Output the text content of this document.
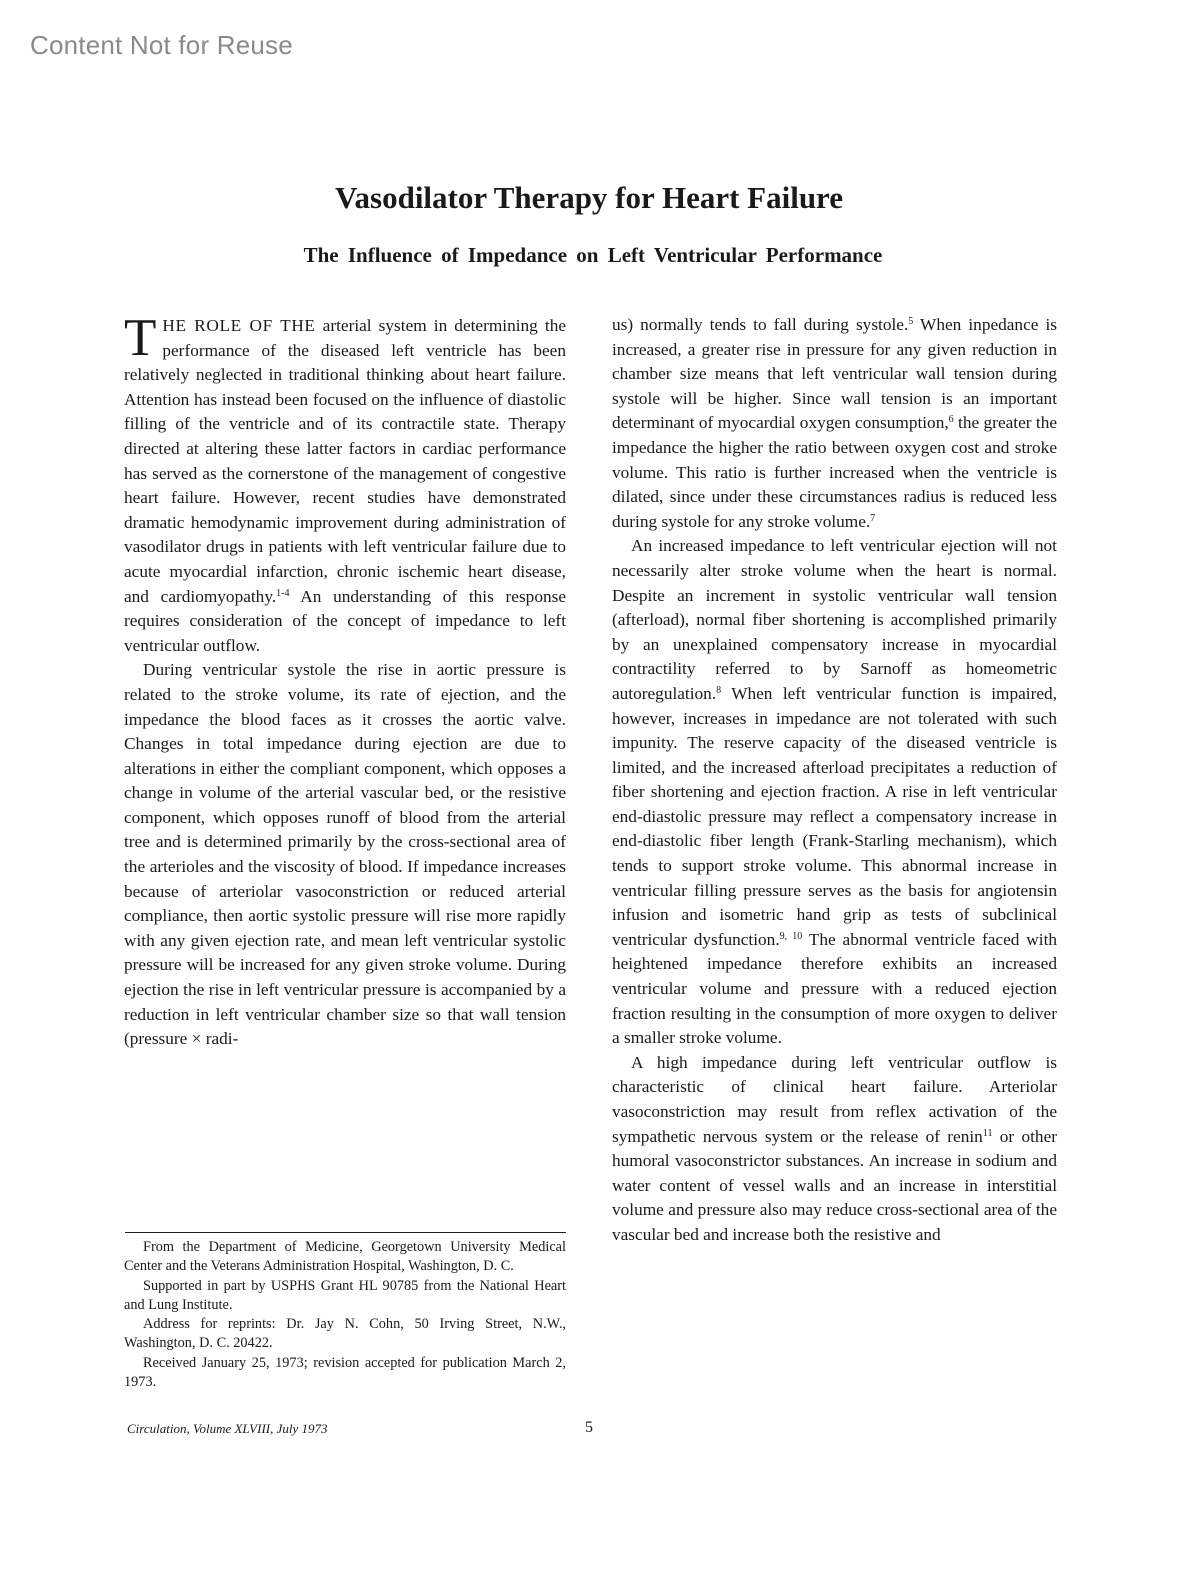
Content Not for Reuse
Vasodilator Therapy for Heart Failure
The Influence of Impedance on Left Ventricular Performance

THE ROLE OF THE arterial system in determining the performance of the diseased left ventricle has been relatively neglected in traditional thinking about heart failure. Attention has instead been focused on the influence of diastolic filling of the ventricle and of its contractile state. Therapy directed at altering these latter factors in cardiac performance has served as the cornerstone of the management of congestive heart failure. However, recent studies have demonstrated dramatic hemodynamic improvement during administration of vasodilator drugs in patients with left ventricular failure due to acute myocardial infarction, chronic ischemic heart disease, and cardiomyopathy.$^{1-4}$ An understanding of this response requires consideration of the concept of impedance to left ventricular outflow.

During ventricular systole the rise in aortic pressure is related to the stroke volume, its rate of ejection, and the impedance the blood faces as it crosses the aortic valve. Changes in total impedance during ejection are due to alterations in either the compliant component, which opposes a change in volume of the arterial vascular bed, or the resistive component, which opposes runoff of blood from the arterial tree and is determined primarily by the cross-sectional area of the arterioles and the viscosity of blood. If impedance increases because of arteriolar vasoconstriction or reduced arterial compliance, then aortic systolic pressure will rise more rapidly with any given ejection rate, and mean left ventricular systolic pressure will be increased for any given stroke volume. During ejection the rise in left ventricular pressure is accompanied by a reduction in left ventricular chamber size so that wall tension (pressure × radi-

us) normally tends to fall during systole.$^5$ When inpedance is increased, a greater rise in pressure for any given reduction in chamber size means that left ventricular wall tension during systole will be higher. Since wall tension is an important determinant of myocardial oxygen consumption,$^6$ the greater the impedance the higher the ratio between oxygen cost and stroke volume. This ratio is further increased when the ventricle is dilated, since under these circumstances radius is reduced less during systole for any stroke volume.$^7$

An increased impedance to left ventricular ejection will not necessarily alter stroke volume when the heart is normal. Despite an increment in systolic ventricular wall tension (afterload), normal fiber shortening is accomplished primarily by an unexplained compensatory increase in myocardial contractility referred to by Sarnoff as homeometric autoregulation.$^8$ When left ventricular function is impaired, however, increases in impedance are not tolerated with such impunity. The reserve capacity of the diseased ventricle is limited, and the increased afterload precipitates a reduction of fiber shortening and ejection fraction. A rise in left ventricular end-diastolic pressure may reflect a compensatory increase in end-diastolic fiber length (Frank-Starling mechanism), which tends to support stroke volume. This abnormal increase in ventricular filling pressure serves as the basis for angiotensin infusion and isometric hand grip as tests of subclinical ventricular dysfunction.$^{9, 10}$ The abnormal ventricle faced with heightened impedance therefore exhibits an increased ventricular volume and pressure with a reduced ejection fraction resulting in the consumption of more oxygen to deliver a smaller stroke volume.

A high impedance during left ventricular outflow is characteristic of clinical heart failure. Arteriolar vasoconstriction may result from reflex activation of the sympathetic nervous system or the release of renin$^{11}$ or other humoral vasoconstrictor substances. An increase in sodium and water content of vessel walls and an increase in interstitial volume and pressure also may reduce cross-sectional area of the vascular bed and increase both the resistive and

From the Department of Medicine, Georgetown University Medical Center and the Veterans Administration Hospital, Washington, D. C.

Supported in part by USPHS Grant HL 90785 from the National Heart and Lung Institute.

Address for reprints: Dr. Jay N. Cohn, 50 Irving Street, N.W., Washington, D. C. 20422.

Received January 25, 1973; revision accepted for publication March 2, 1973.

Circulation, Volume XLVIII, July 1973	5
